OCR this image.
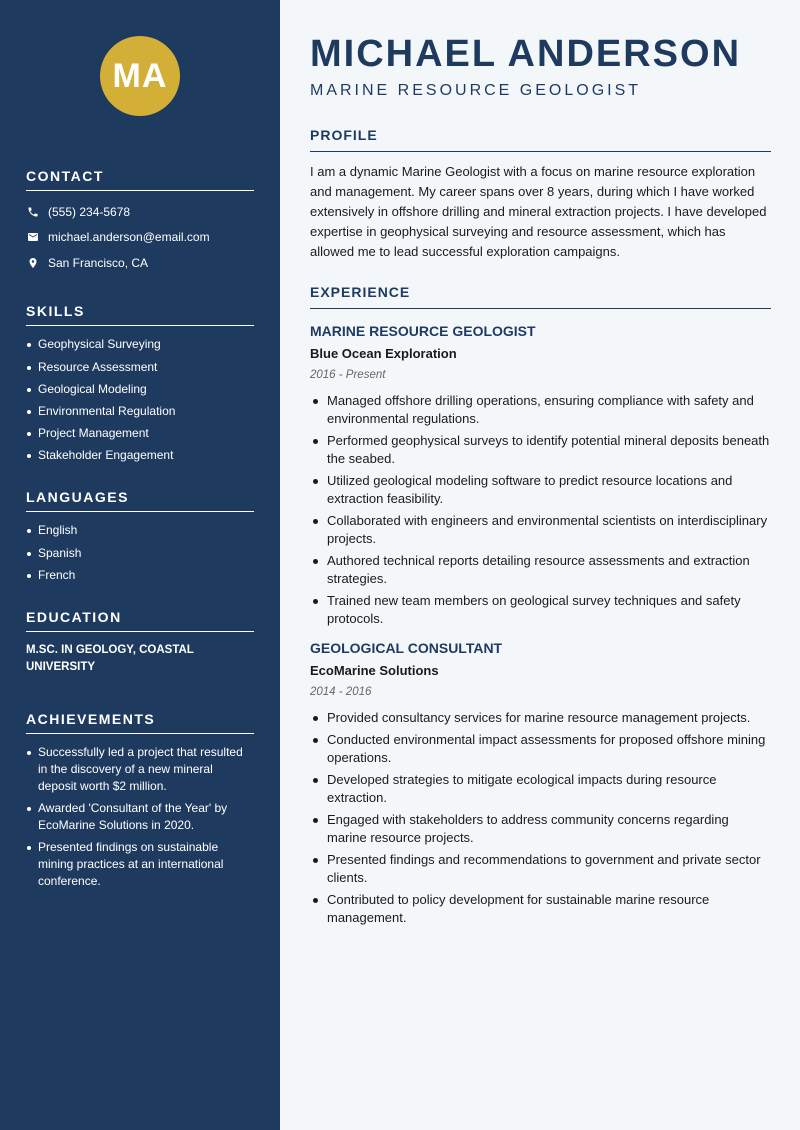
MA
CONTACT
(555) 234-5678
michael.anderson@email.com
San Francisco, CA
SKILLS
Geophysical Surveying
Resource Assessment
Geological Modeling
Environmental Regulation
Project Management
Stakeholder Engagement
LANGUAGES
English
Spanish
French
EDUCATION
M.SC. IN GEOLOGY, COASTAL UNIVERSITY
ACHIEVEMENTS
Successfully led a project that resulted in the discovery of a new mineral deposit worth $2 million.
Awarded 'Consultant of the Year' by EcoMarine Solutions in 2020.
Presented findings on sustainable mining practices at an international conference.
MICHAEL ANDERSON
MARINE RESOURCE GEOLOGIST
PROFILE

I am a dynamic Marine Geologist with a focus on marine resource exploration and management. My career spans over 8 years, during which I have worked extensively in offshore drilling and mineral extraction projects. I have developed expertise in geophysical surveying and resource assessment, which has allowed me to lead successful exploration campaigns.

EXPERIENCE
MARINE RESOURCE GEOLOGIST
Blue Ocean Exploration
2016 - Present
Managed offshore drilling operations, ensuring compliance with safety and environmental regulations.
Performed geophysical surveys to identify potential mineral deposits beneath the seabed.
Utilized geological modeling software to predict resource locations and extraction feasibility.
Collaborated with engineers and environmental scientists on interdisciplinary projects.
Authored technical reports detailing resource assessments and extraction strategies.
Trained new team members on geological survey techniques and safety protocols.
GEOLOGICAL CONSULTANT
EcoMarine Solutions
2014 - 2016
Provided consultancy services for marine resource management projects.
Conducted environmental impact assessments for proposed offshore mining operations.
Developed strategies to mitigate ecological impacts during resource extraction.
Engaged with stakeholders to address community concerns regarding marine resource projects.
Presented findings and recommendations to government and private sector clients.
Contributed to policy development for sustainable marine resource management.
